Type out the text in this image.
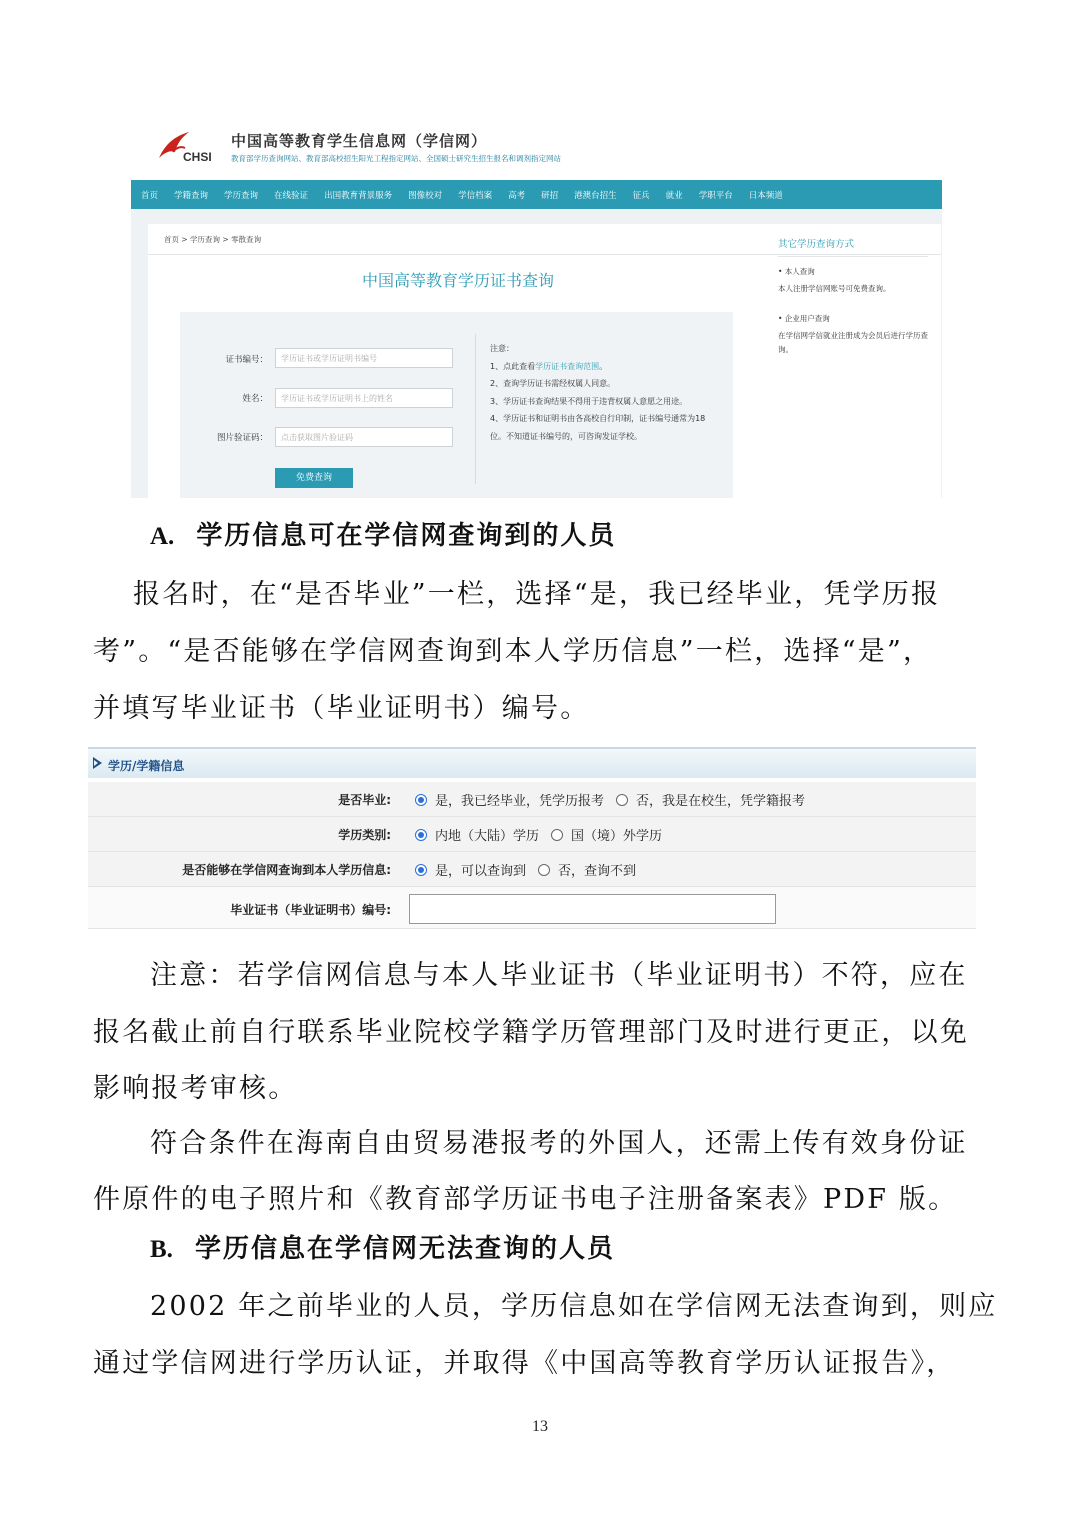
CHSI
中国高等教育学生信息网（学信网）
教育部学历查询网站、教育部高校招生阳光工程指定网站、全国硕士研究生招生报名和调剂指定网站
首页 学籍查询 学历查询 在线验证 出国教育背景服务 图像校对 学信档案 高考 研招 港澳台招生 征兵 就业 学职平台 日本频道
首页 > 学历查询 > 零散查询
中国高等教育学历证书查询
证书编号：	学历证书或学历证明书编号
姓名：	学历证书或学历证明书上的姓名
图片验证码：	点击获取图片验证码
免费查询
注意：
1、点此查看学历证书查询范围。
2、查询学历证书需经权属人同意。
3、学历证书查询结果不得用于违背权属人意愿之用途。
4、学历证书和证明书由各高校自行印制，证书编号通常为18位。不知道证书编号的，可咨询发证学校。
其它学历查询方式

• 本人查询

本人注册学信网账号可免费查询。

• 企业用户查询

在学信网学信就业注册成为会员后进行学历查询。

A. 学历信息可在学信网查询到的人员
报名时，在“是否毕业”一栏，选择“是，我已经毕业，凭学历报
考”。“是否能够在学信网查询到本人学历信息”一栏，选择“是”，
并填写毕业证书（毕业证明书）编号。
学历/学籍信息
是否毕业:	是，我已经毕业，凭学历报考 否，我是在校生，凭学籍报考
学历类别:	内地（大陆）学历 国（境）外学历
是否能够在学信网查询到本人学历信息:	是，可以查询到 否，查询不到
毕业证书（毕业证明书）编号:
注意：若学信网信息与本人毕业证书（毕业证明书）不符，应在
报名截止前自行联系毕业院校学籍学历管理部门及时进行更正，以免
影响报考审核。
符合条件在海南自由贸易港报考的外国人，还需上传有效身份证
件原件的电子照片和《教育部学历证书电子注册备案表》PDF 版。
B. 学历信息在学信网无法查询的人员
2002 年之前毕业的人员，学历信息如在学信网无法查询到，则应
通过学信网进行学历认证，并取得《中国高等教育学历认证报告》，
13
